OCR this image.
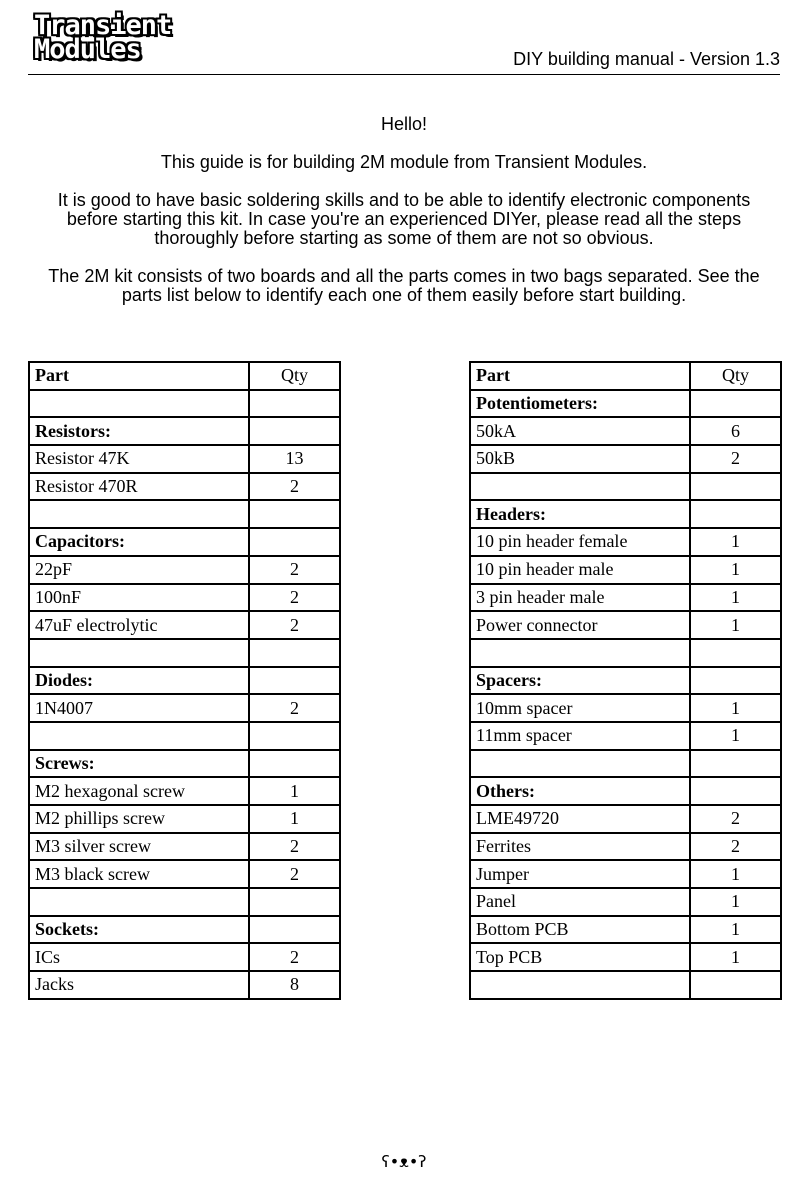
Transient
Modules	DIY building manual - Version 1.3

Hello!

This guide is for building 2M module from Transient Modules.

It is good to have basic soldering skills and to be able to identify electronic components before starting this kit. In case you're an experienced DIYer, please read all the steps thoroughly before starting as some of them are not so obvious.

The 2M kit consists of two boards and all the parts comes in two bags separated. See the parts list below to identify each one of them easily before start building.

Part	Qty

Resistors:	
Resistor 47K	13
Resistor 470R	2

Capacitors:	
22pF	2
100nF	2
47uF electrolytic	2

Diodes:	
1N4007	2

Screws:	
M2 hexagonal screw	1
M2 phillips screw	1
M3 silver screw	2
M3 black screw	2

Sockets:	
ICs	2
Jacks	8
Part	Qty
Potentiometers:	
50kA	6
50kB	2

Headers:	
10 pin header female	1
10 pin header male	1
3 pin header male	1
Power connector	1

Spacers:	
10mm spacer	1
11mm spacer	1

Others:	
LME49720	2
Ferrites	2
Jumper	1
Panel	1
Bottom PCB	1
Top PCB	1

ʕ•ᴥ•ʔ
